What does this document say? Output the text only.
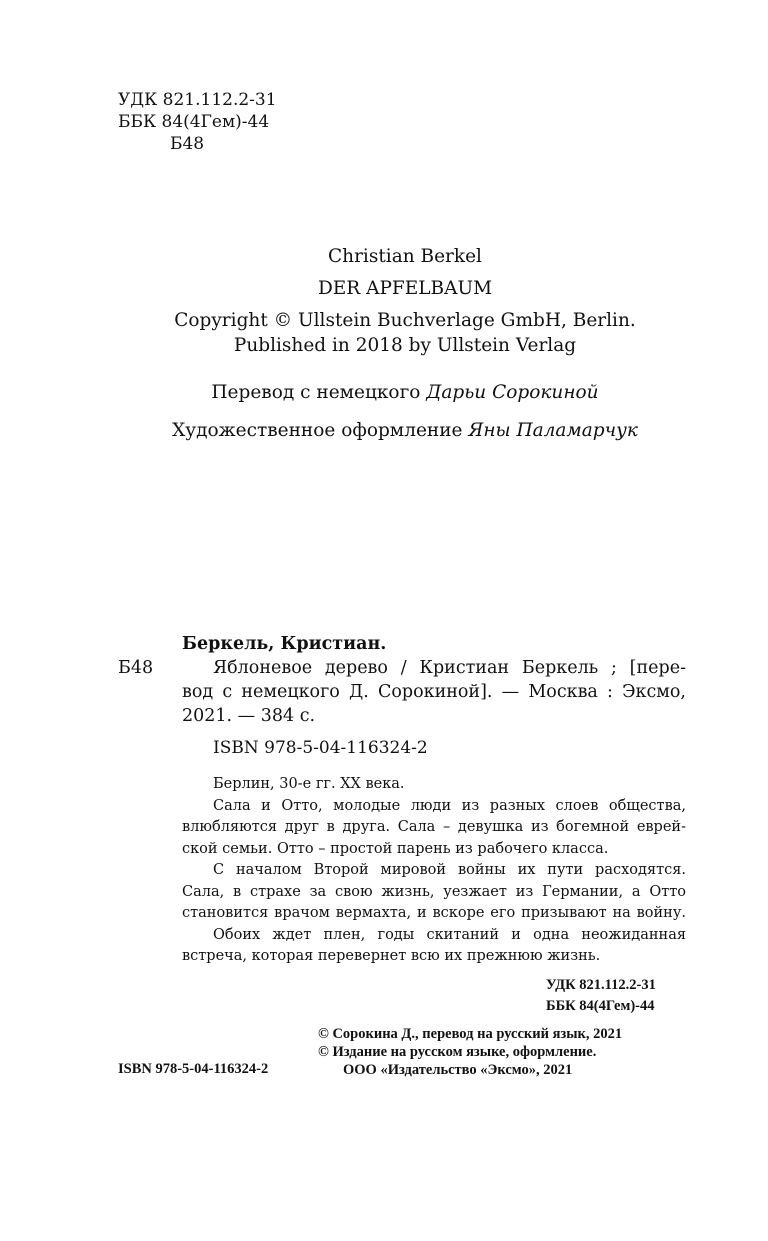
УДК 821.112.2-31
ББК 84(4Гем)-44
Б48
Christian Berkel
DER APFELBAUM
Copyright © Ullstein Buchverlage GmbH, Berlin.
Published in 2018 by Ullstein Verlag
Перевод с немецкого Дарьи Сорокиной
Художественное оформление Яны Паламарчук
Беркель, Кристиан.
Б48	Яблоневое дерево / Кристиан Беркель ; [пере-
вод с немецкого Д. Сорокиной]. — Москва : Эксмо,
2021. — 384 с.
ISBN 978-5-04-116324-2
Берлин, 30-е гг. XX века.
Сала и Отто, молодые люди из разных слоев общества,
влюбляются друг в друга. Сала – девушка из богемной еврей-
ской семьи. Отто – простой парень из рабочего класса.
С началом Второй мировой войны их пути расходятся.
Сала, в страхе за свою жизнь, уезжает из Германии, а Отто
становится врачом вермахта, и вскоре его призывают на войну.
Обоих ждет плен, годы скитаний и одна неожиданная
встреча, которая перевернет всю их прежнюю жизнь.
УДК 821.112.2-31
ББК 84(4Гем)-44
ISBN 978-5-04-116324-2
© Сорокина Д., перевод на русский язык, 2021
© Издание на русском языке, оформление.
ООО «Издательство «Эксмо», 2021
